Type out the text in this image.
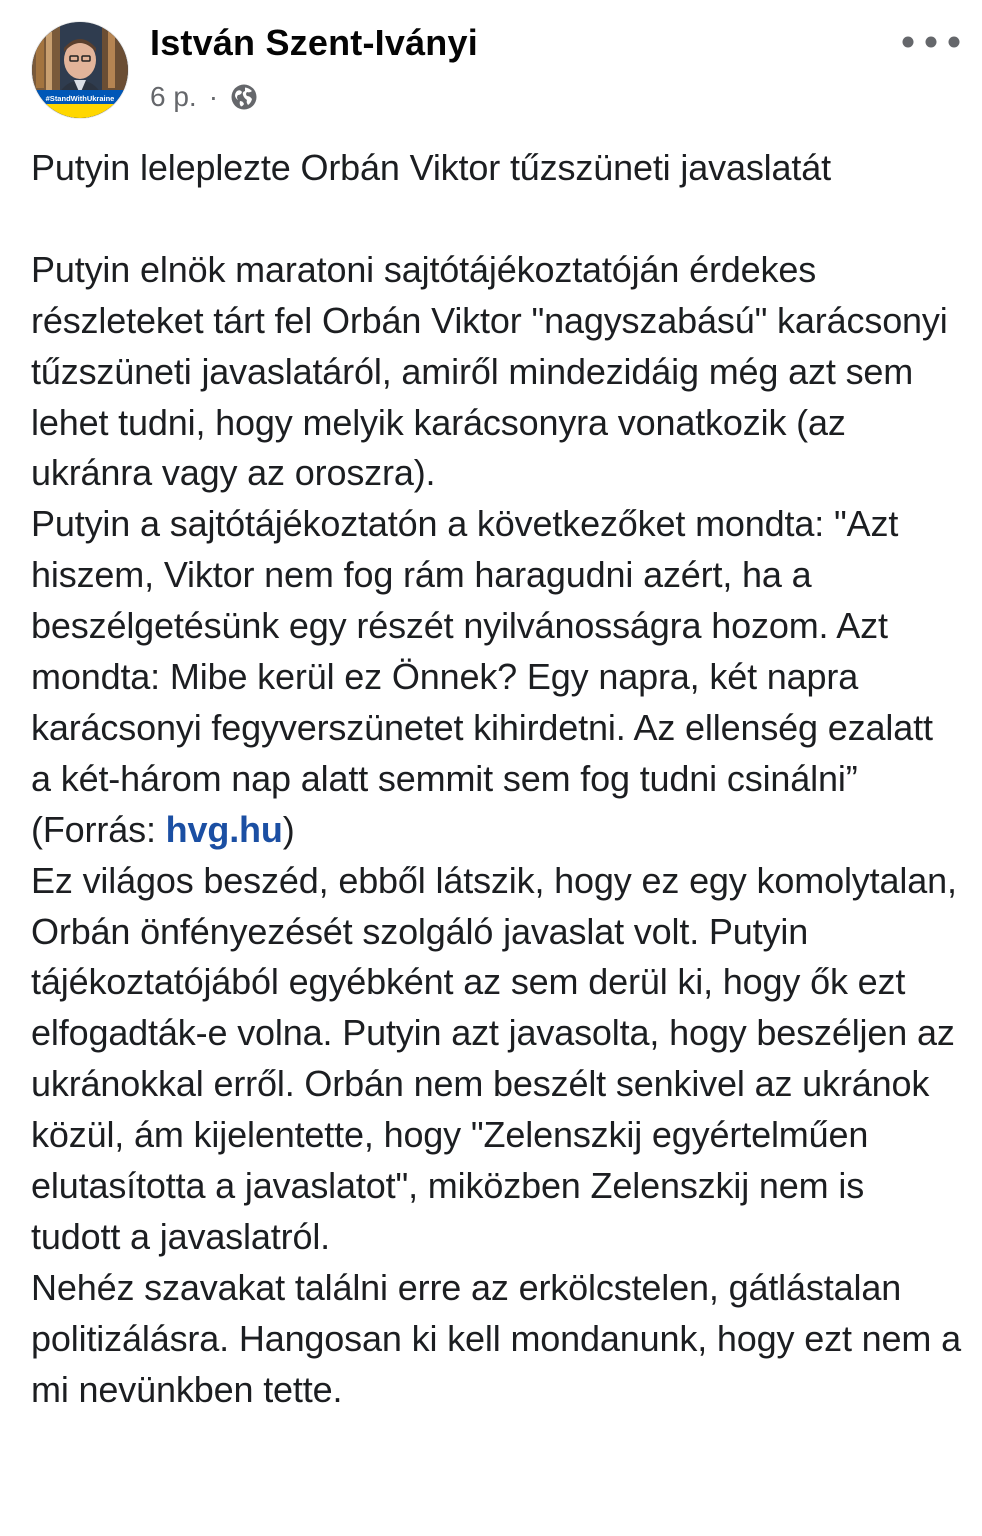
#StandWithUkraine
István Szent-Iványi
6 p. ·

Putyin leleplezte Orbán Viktor tűzszüneti javaslatát

Putyin elnök maratoni sajtótájékoztatóján érdekes részleteket tárt fel Orbán Viktor "nagyszabású" karácsonyi tűzszüneti javaslatáról, amiről mindezidáig még azt sem lehet tudni, hogy melyik karácsonyra vonatkozik (az ukránra vagy az oroszra).

Putyin a sajtótájékoztatón a következőket mondta: "Azt hiszem, Viktor nem fog rám haragudni azért, ha a beszélgetésünk egy részét nyilvánosságra hozom. Azt mondta: Mibe kerül ez Önnek? Egy napra, két napra karácsonyi fegyverszünetet kihirdetni. Az ellenség ezalatt a két-három nap alatt semmit sem fog tudni csinálni” (Forrás: hvg.hu)

Ez világos beszéd, ebből látszik, hogy ez egy komolytalan, Orbán önfényezését szolgáló javaslat volt. Putyin tájékoztatójából egyébként az sem derül ki, hogy ők ezt elfogadták-e volna. Putyin azt javasolta, hogy beszéljen az ukránokkal erről. Orbán nem beszélt senkivel az ukránok közül, ám kijelentette, hogy "Zelenszkij egyértelműen elutasította a javaslatot", miközben Zelenszkij nem is tudott a javaslatról.

Nehéz szavakat találni erre az erkölcstelen, gátlástalan politizálásra. Hangosan ki kell mondanunk, hogy ezt nem a mi nevünkben tette.
